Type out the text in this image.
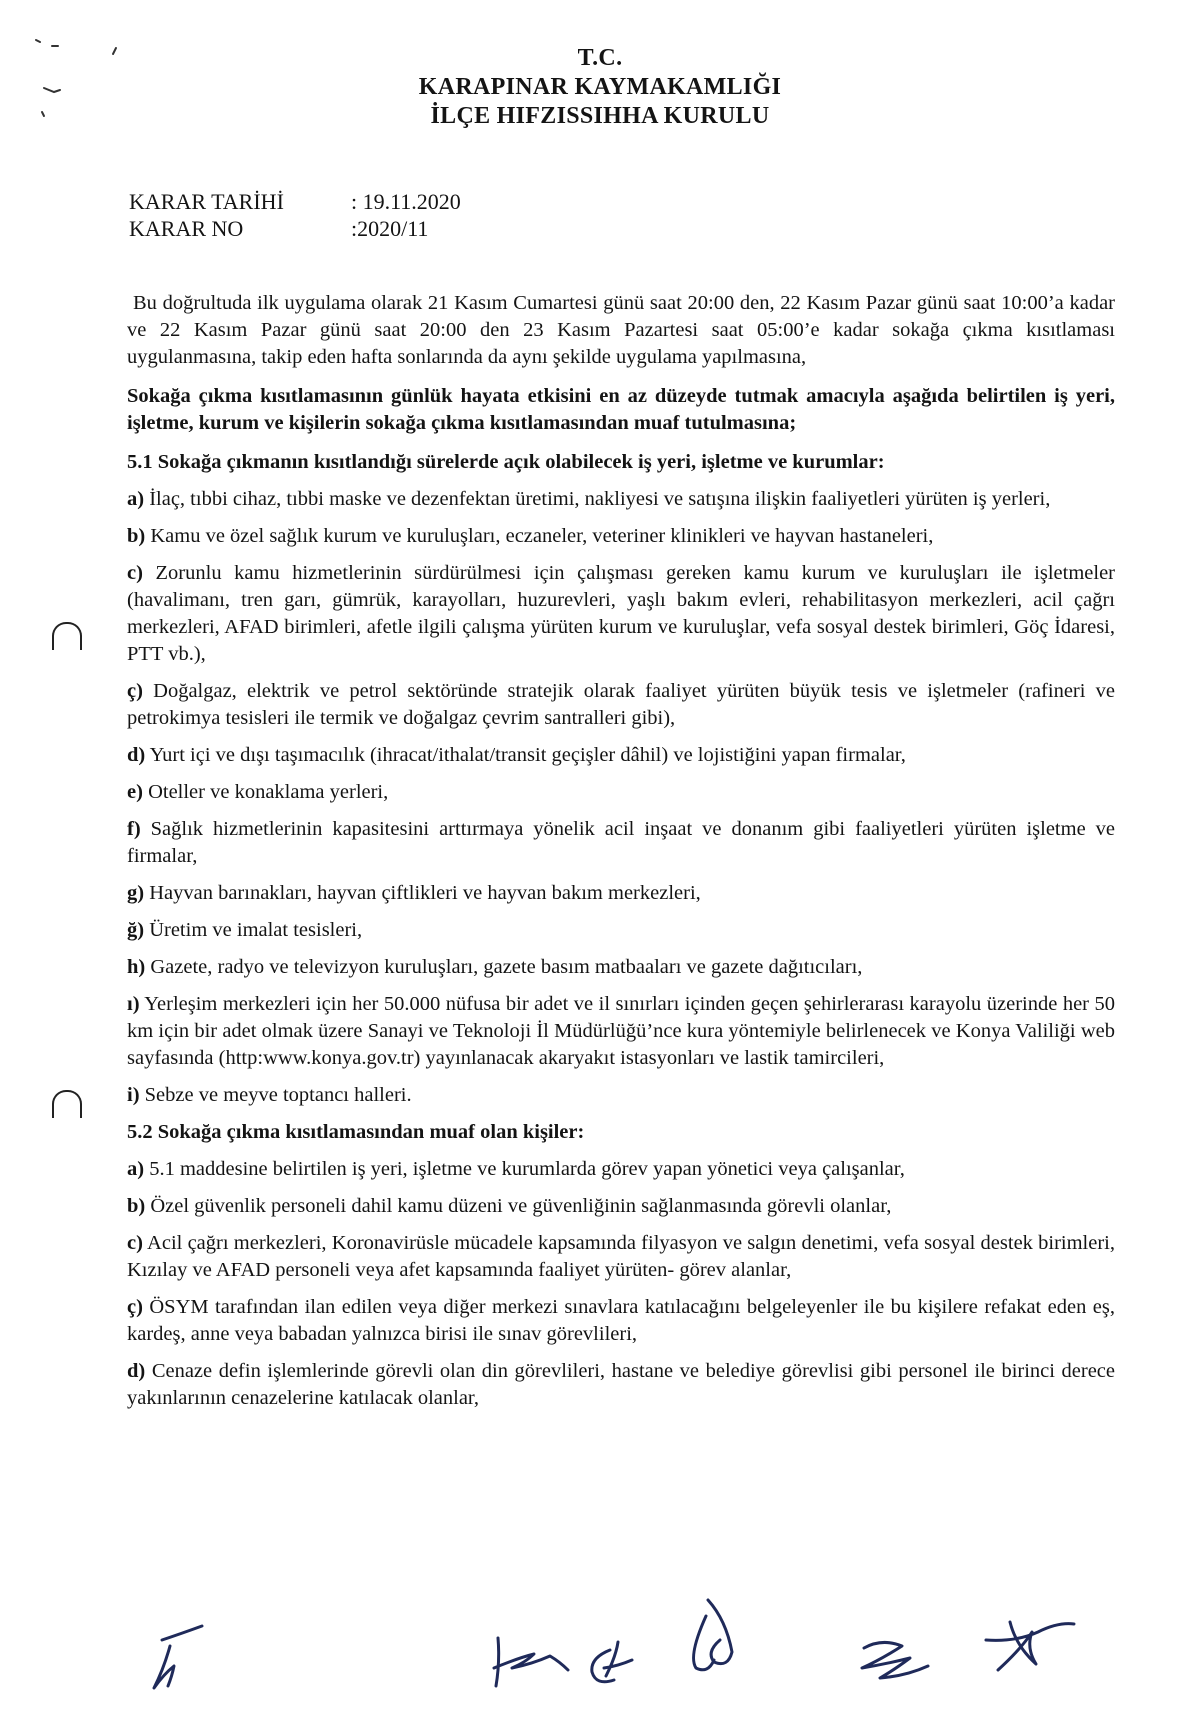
T.C.
KARAPINAR KAYMAKAMLIĞI
İLÇE HIFZISSIHHA KURULU
KARAR TARİHİ	: 19.11.2020
KARAR NO	:2020/11

Bu doğrultuda ilk uygulama olarak 21 Kasım Cumartesi günü saat 20:00 den, 22 Kasım Pazar günü saat 10:00’a kadar ve 22 Kasım Pazar günü saat 20:00 den 23 Kasım Pazartesi saat 05:00’e kadar sokağa çıkma kısıtlaması uygulanmasına, takip eden hafta sonlarında da aynı şekilde uygulama yapılmasına,

Sokağa çıkma kısıtlamasının günlük hayata etkisini en az düzeyde tutmak amacıyla aşağıda belirtilen iş yeri, işletme, kurum ve kişilerin sokağa çıkma kısıtlamasından muaf tutulmasına;

5.1 Sokağa çıkmanın kısıtlandığı sürelerde açık olabilecek iş yeri, işletme ve kurumlar:
a) İlaç, tıbbi cihaz, tıbbi maske ve dezenfektan üretimi, nakliyesi ve satışına ilişkin faaliyetleri yürüten iş yerleri,
b) Kamu ve özel sağlık kurum ve kuruluşları, eczaneler, veteriner klinikleri ve hayvan hastaneleri,
c) Zorunlu kamu hizmetlerinin sürdürülmesi için çalışması gereken kamu kurum ve kuruluşları ile işletmeler (havalimanı, tren garı, gümrük, karayolları, huzurevleri, yaşlı bakım evleri, rehabilitasyon merkezleri, acil çağrı merkezleri, AFAD birimleri, afetle ilgili çalışma yürüten kurum ve kuruluşlar, vefa sosyal destek birimleri, Göç İdaresi, PTT vb.),
ç) Doğalgaz, elektrik ve petrol sektöründe stratejik olarak faaliyet yürüten büyük tesis ve işletmeler (rafineri ve petrokimya tesisleri ile termik ve doğalgaz çevrim santralleri gibi),
d) Yurt içi ve dışı taşımacılık (ihracat/ithalat/transit geçişler dâhil) ve lojistiğini yapan firmalar,
e) Oteller ve konaklama yerleri,
f) Sağlık hizmetlerinin kapasitesini arttırmaya yönelik acil inşaat ve donanım gibi faaliyetleri yürüten işletme ve firmalar,
g) Hayvan barınakları, hayvan çiftlikleri ve hayvan bakım merkezleri,
ğ) Üretim ve imalat tesisleri,
h) Gazete, radyo ve televizyon kuruluşları, gazete basım matbaaları ve gazete dağıtıcıları,
ı) Yerleşim merkezleri için her 50.000 nüfusa bir adet ve il sınırları içinden geçen şehirlerarası karayolu üzerinde her 50 km için bir adet olmak üzere Sanayi ve Teknoloji İl Müdürlüğü’nce kura yöntemiyle belirlenecek ve Konya Valiliği web sayfasında (http:www.konya.gov.tr) yayınlanacak akaryakıt istasyonları ve lastik tamircileri,
i) Sebze ve meyve toptancı halleri.
5.2 Sokağa çıkma kısıtlamasından muaf olan kişiler:
a) 5.1 maddesine belirtilen iş yeri, işletme ve kurumlarda görev yapan yönetici veya çalışanlar,
b) Özel güvenlik personeli dahil kamu düzeni ve güvenliğinin sağlanmasında görevli olanlar,
c) Acil çağrı merkezleri, Koronavirüsle mücadele kapsamında filyasyon ve salgın denetimi, vefa sosyal destek birimleri, Kızılay ve AFAD personeli veya afet kapsamında faaliyet yürüten- görev alanlar,
ç) ÖSYM tarafından ilan edilen veya diğer merkezi sınavlara katılacağını belgeleyenler ile bu kişilere refakat eden eş, kardeş, anne veya babadan yalnızca birisi ile sınav görevlileri,
d) Cenaze defin işlemlerinde görevli olan din görevlileri, hastane ve belediye görevlisi gibi personel ile birinci derece yakınlarının cenazelerine katılacak olanlar,
